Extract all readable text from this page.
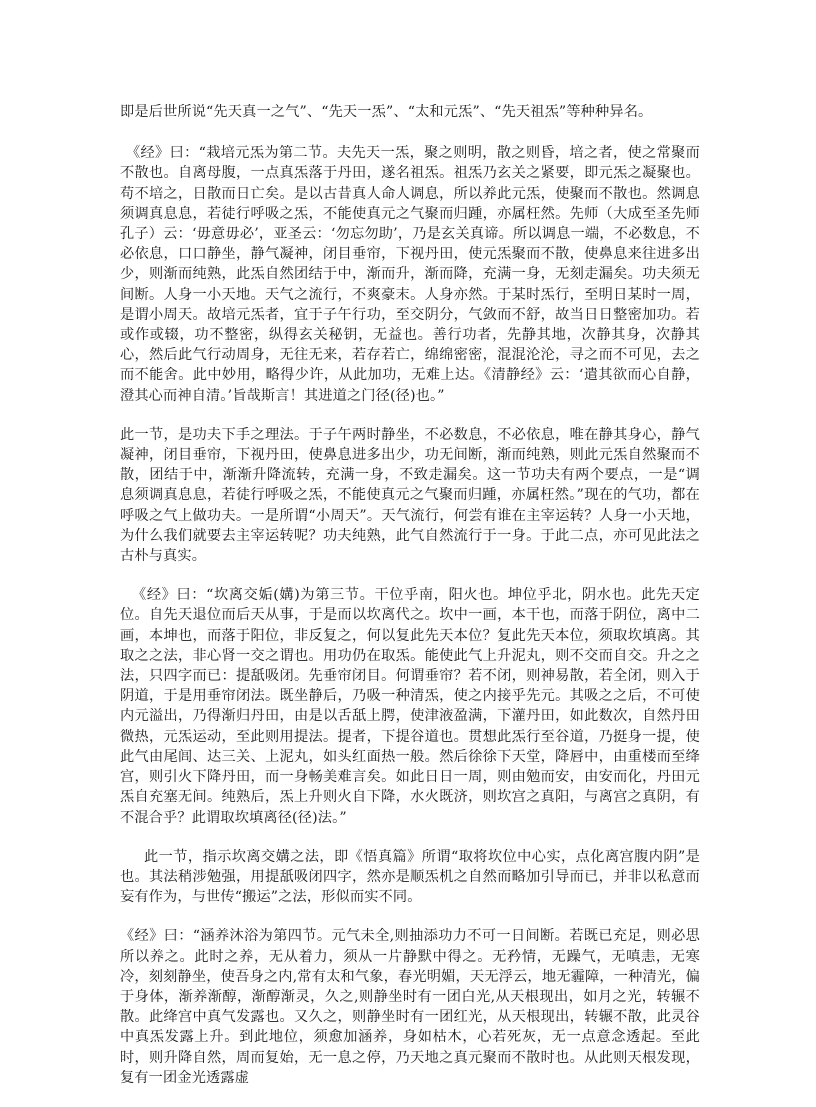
即是后世所说“先天真一之气”、“先天一炁”、“太和元炁”、“先天祖炁”等种种异名。

《经》曰：“栽培元炁为第二节。夫先天一炁，聚之则明，散之则昏，培之者，使之常聚而不散也。自离母腹，一点真炁落于丹田，遂名祖炁。祖炁乃玄关之紧要，即元炁之凝聚也。苟不培之，日散而日亡矣。是以古昔真人命人调息，所以养此元炁，使聚而不散也。然调息须调真息息，若徒行呼吸之炁，不能使真元之气聚而归踵，亦属枉然。先师（大成至圣先师孔子）云：‘毋意毋必’，亚圣云：‘勿忘勿助’，乃是玄关真谛。所以调息一端，不必数息，不必依息，口口静坐，静气凝神，闭目垂帘，下视丹田，使元炁聚而不散，使鼻息来往进多出少，则渐而纯熟，此炁自然团结于中，渐而升，渐而降，充满一身，无刻走漏矣。功夫须无间断。人身一小天地。天气之流行，不爽豪末。人身亦然。于某时炁行，至明日某时一周，是谓小周天。故培元炁者，宜于子午行功，至交阴分，气敛而不舒，故当日日整密加功。若或作或辍，功不整密，纵得玄关秘钥，无益也。善行功者，先静其地，次静其身，次静其心，然后此气行动周身，无往无来，若存若亡，绵绵密密，混混沦沦，寻之而不可见，去之而不能舍。此中妙用，略得少许，从此加功，无难上达。《清静经》云：‘遣其欲而心自静，澄其心而神自清。’旨哉斯言！其进道之门径(径)也。”

此一节，是功夫下手之理法。于子午两时静坐，不必数息，不必依息，唯在静其身心，静气凝神，闭目垂帘，下视丹田，使鼻息进多出少，功无间断，渐而纯熟，则此元炁自然聚而不散，团结于中，渐渐升降流转，充满一身，不致走漏矣。这一节功夫有两个要点，一是“调息须调真息息，若徒行呼吸之炁，不能使真元之气聚而归踵，亦属枉然。”现在的气功，都在呼吸之气上做功夫。一是所谓“小周天”。天气流行，何尝有谁在主宰运转？人身一小天地，为什么我们就要去主宰运转呢？功夫纯熟，此气自然流行于一身。于此二点，亦可见此法之古朴与真实。

《经》曰：“坎离交姤(媾)为第三节。干位乎南，阳火也。坤位乎北，阴水也。此先天定位。自先天退位而后天从事，于是而以坎离代之。坎中一画，本干也，而落于阴位，离中二画，本坤也，而落于阳位，非反复之，何以复此先天本位？复此先天本位，须取坎填离。其取之之法，非心肾一交之谓也。用功仍在取炁。能使此气上升泥丸，则不交而自交。升之之法，只四字而已：提舐吸闭。先垂帘闭目。何谓垂帘？若不闭，则神易散，若全闭，则入于阴道，于是用垂帘闭法。既坐静后，乃吸一种清炁，使之内接乎先元。其吸之之后，不可使内元溢出，乃得渐归丹田，由是以舌舐上腭，使津液盈满，下灌丹田，如此数次，自然丹田微热，元炁运动，至此则用提法。提者，下提谷道也。贯想此炁行至谷道，乃挺身一提，使此气由尾闾、达三关、上泥丸，如头红面热一般。然后徐徐下天堂，降唇中，由重楼而至绛宫，则引火下降丹田，而一身畅美难言矣。如此日日一周，则由勉而安，由安而化，丹田元炁自充塞无间。纯熟后，炁上升则火自下降，水火既济，则坎宫之真阳，与离宫之真阴，有不混合乎？此谓取坎填离径(径)法。”

此一节，指示坎离交媾之法，即《悟真篇》所谓“取将坎位中心实，点化离宫腹内阴”是也。其法稍涉勉强，用提舐吸闭四字，然亦是顺炁机之自然而略加引导而已，并非以私意而妄有作为，与世传“搬运”之法，形似而实不同。

《经》曰：“涵养沐浴为第四节。元气未全,则抽添功力不可一日间断。若既已充足，则必思所以养之。此时之养，无从着力，须从一片静默中得之。无矜情，无躁气，无嗔恚，无寒冷，刻刻静坐，使吾身之内,常有太和气象，春光明媚，天无浮云，地无霾障，一种清光，偏于身体，渐养渐醇，渐醇渐灵，久之,则静坐时有一团白光,从天根现出，如月之光，转辗不散。此绛宫中真气发露也。又久之，则静坐时有一团红光，从天根现出，转辗不散，此灵谷中真炁发露上升。到此地位，须愈加涵养，身如枯木，心若死灰，无一点意念透起。至此时，则升降自然，周而复始，无一息之停，乃天地之真元聚而不散时也。从此则天根发现，复有一团金光透露虚
